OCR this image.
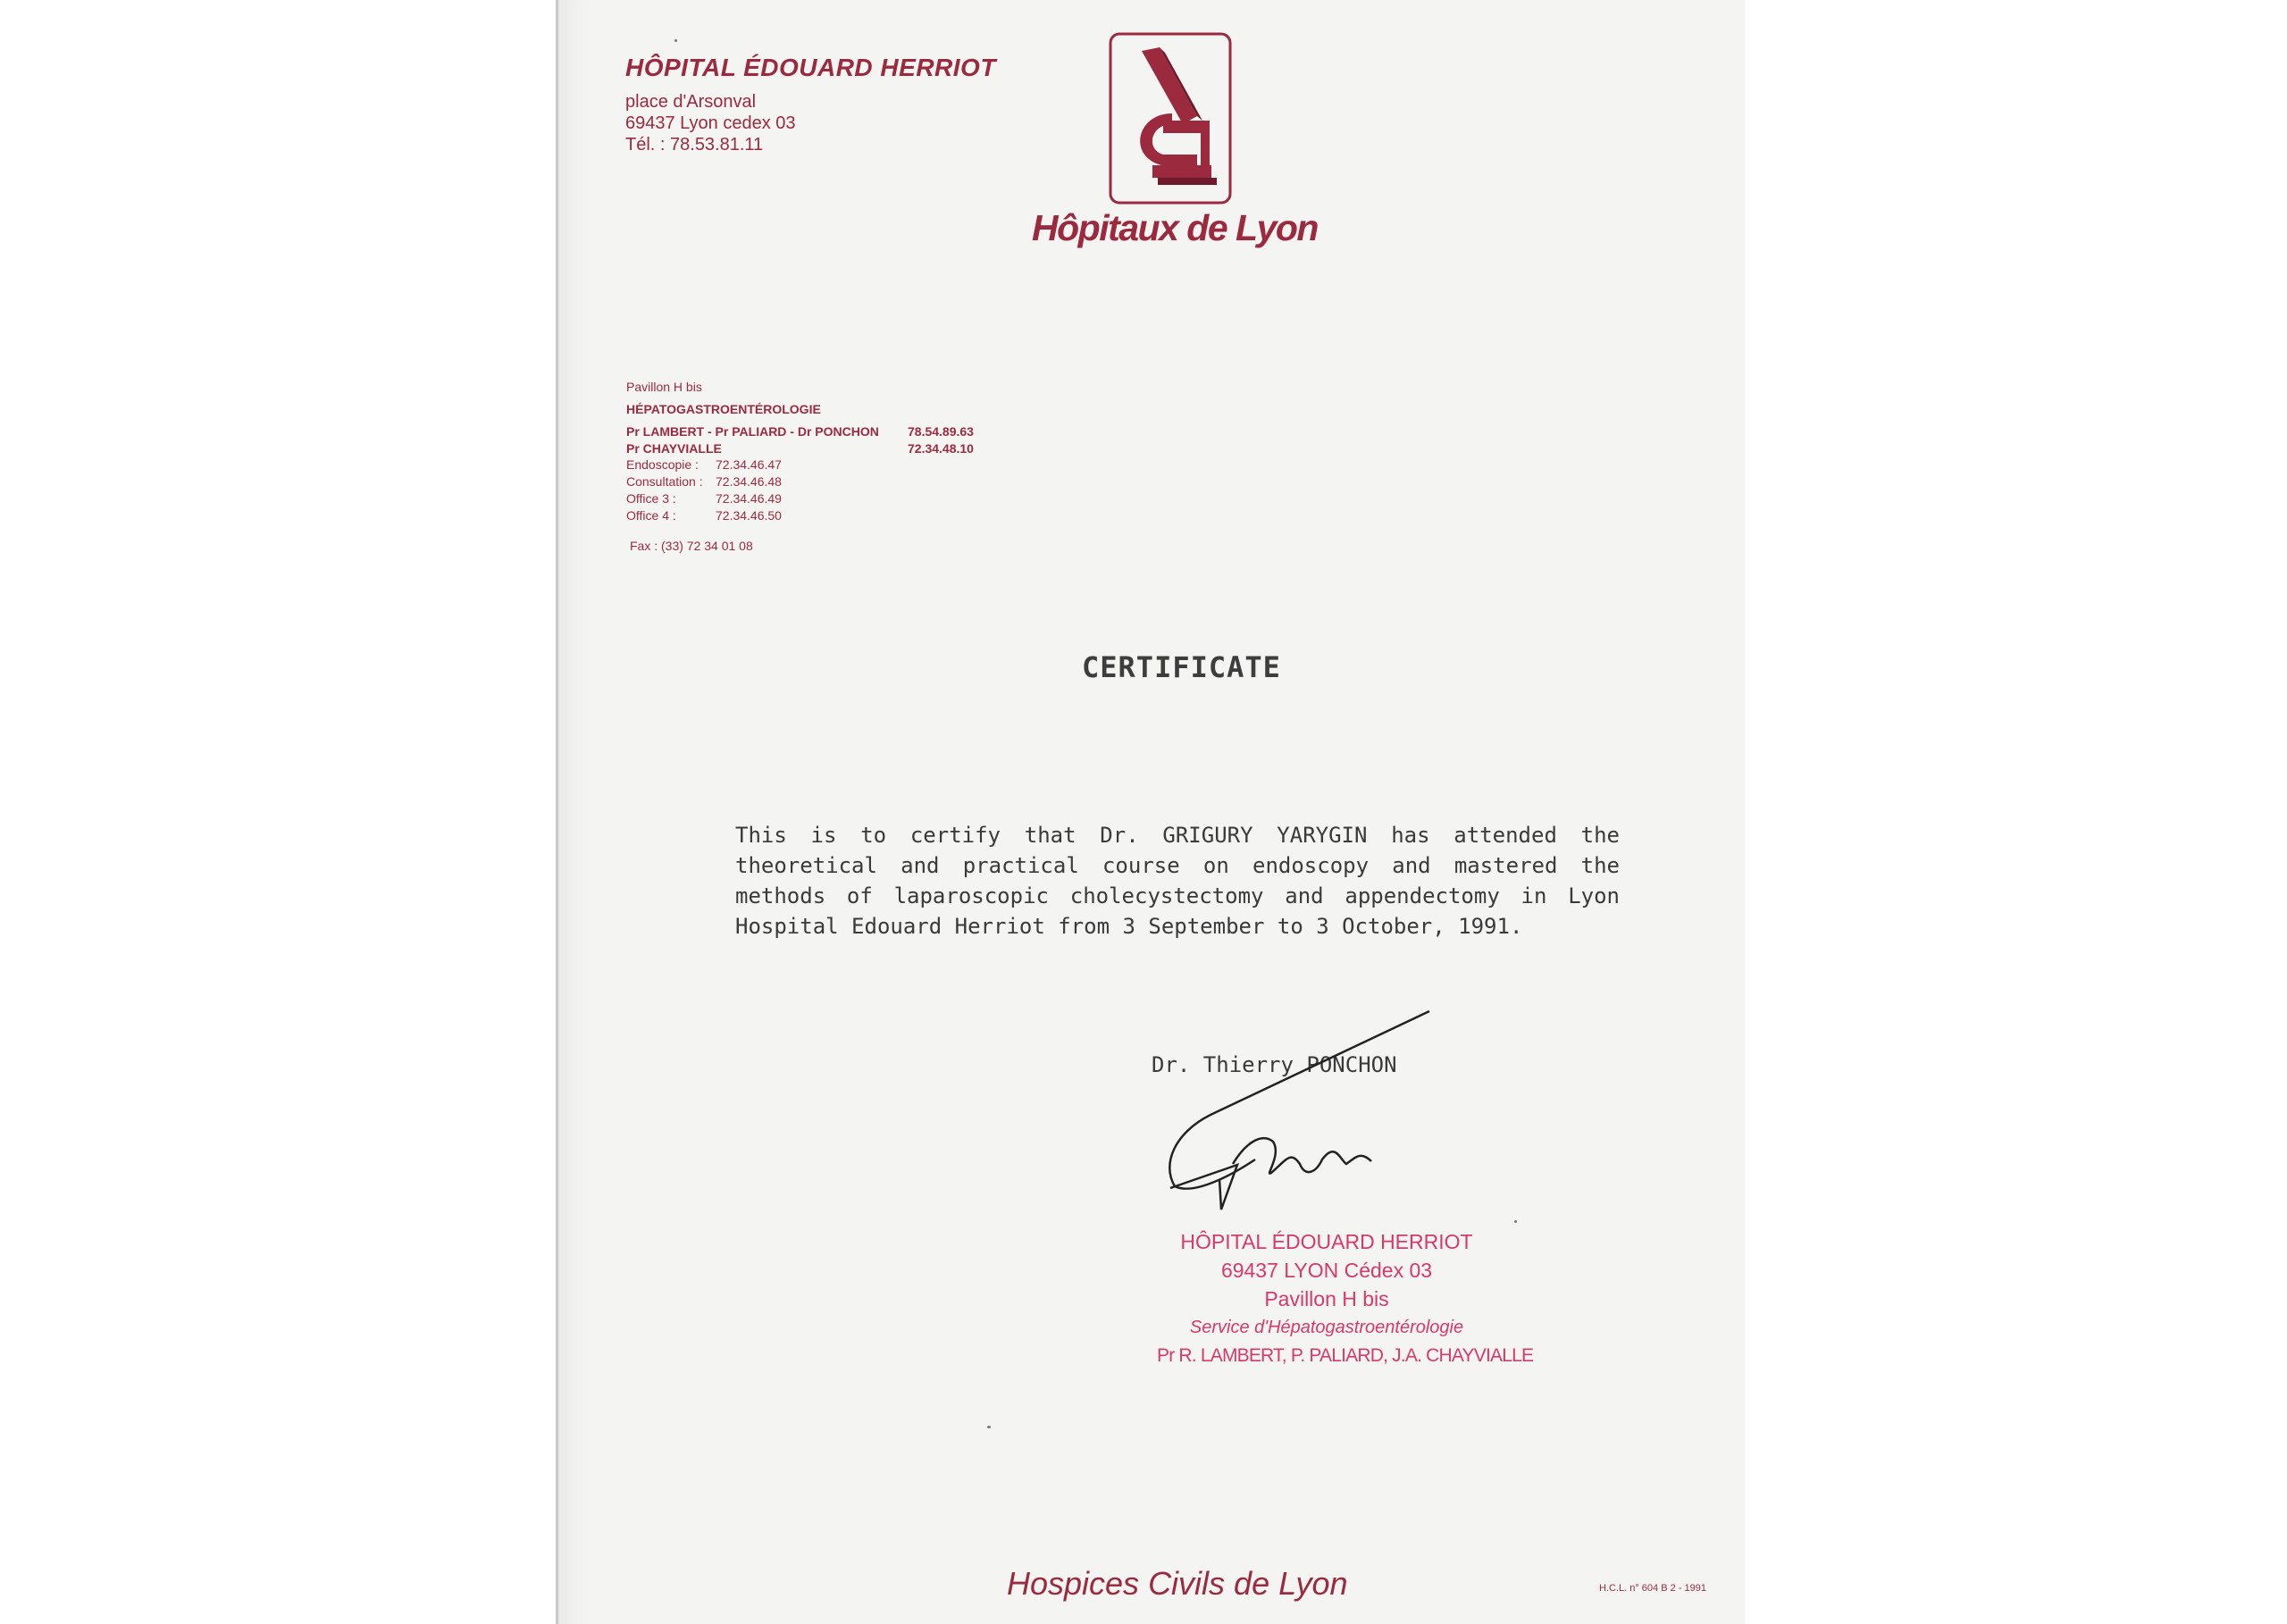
HÔPITAL ÉDOUARD HERRIOT
place d'Arsonval
69437 Lyon cedex 03
Tél. : 78.53.81.11
Hôpitaux de Lyon
Pavillon H bis
HÉPATOGASTROENTÉROLOGIE
Pr LAMBERT - Pr PALIARD - Dr PONCHON 78.54.89.63
Pr CHAYVIALLE	72.34.48.10
Endoscopie : 72.34.46.47
Consultation : 72.34.46.48
Office 3 :	72.34.46.49
Office 4 :	72.34.46.50
Fax : (33) 72 34 01 08
CERTIFICATE
This is to certify that Dr. GRIGURY YARYGIN has attended the theoretical and practical course on endoscopy and mastered the methods of laparoscopic cholecystectomy and appendectomy in Lyon Hospital Edouard Herriot from 3 September to 3 October, 1991.
Dr. Thierry PONCHON
HÔPITAL ÉDOUARD HERRIOT
69437 LYON Cédex 03
Pavillon H bis
Service d'Hépatogastroentérologie
Pr R. LAMBERT, P. PALIARD, J.A. CHAYVIALLE
Hospices Civils de Lyon	H.C.L. n° 604 B 2 - 1991
